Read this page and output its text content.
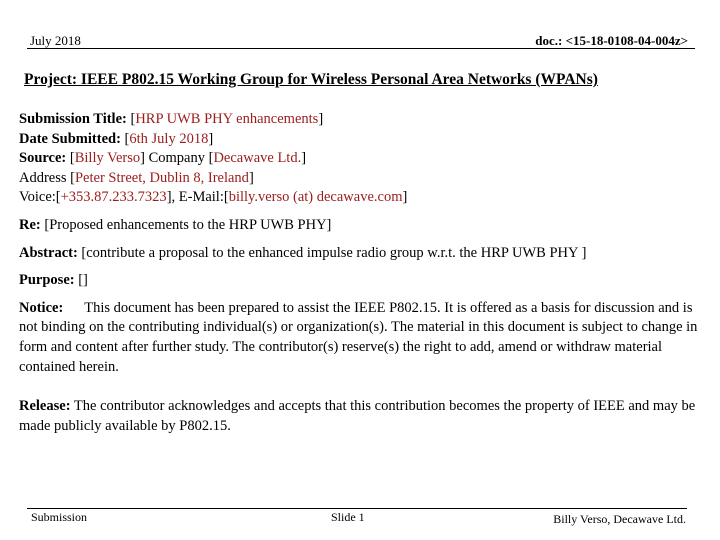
July 2018	doc.: <15-18-0108-04-004z>
Project: IEEE P802.15 Working Group for Wireless Personal Area Networks (WPANs)

Submission Title: [HRP UWB PHY enhancements]

Date Submitted: [6th July 2018]

Source: [Billy Verso] Company [Decawave Ltd.]

Address [Peter Street, Dublin 8, Ireland]

Voice:[+353.87.233.7323], E-Mail:[billy.verso (at) decawave.com]

Re: [Proposed enhancements to the HRP UWB PHY]

Abstract: [contribute a proposal to the enhanced impulse radio group w.r.t. the HRP UWB PHY ]

Purpose: []

Notice: This document has been prepared to assist the IEEE P802.15. It is offered as a basis for discussion and is not binding on the contributing individual(s) or organization(s). The material in this document is subject to change in form and content after further study. The contributor(s) reserve(s) the right to add, amend or withdraw material contained herein.

Release: The contributor acknowledges and accepts that this contribution becomes the property of IEEE and may be made publicly available by P802.15.

Submission	Slide 1	Billy Verso, Decawave Ltd.
